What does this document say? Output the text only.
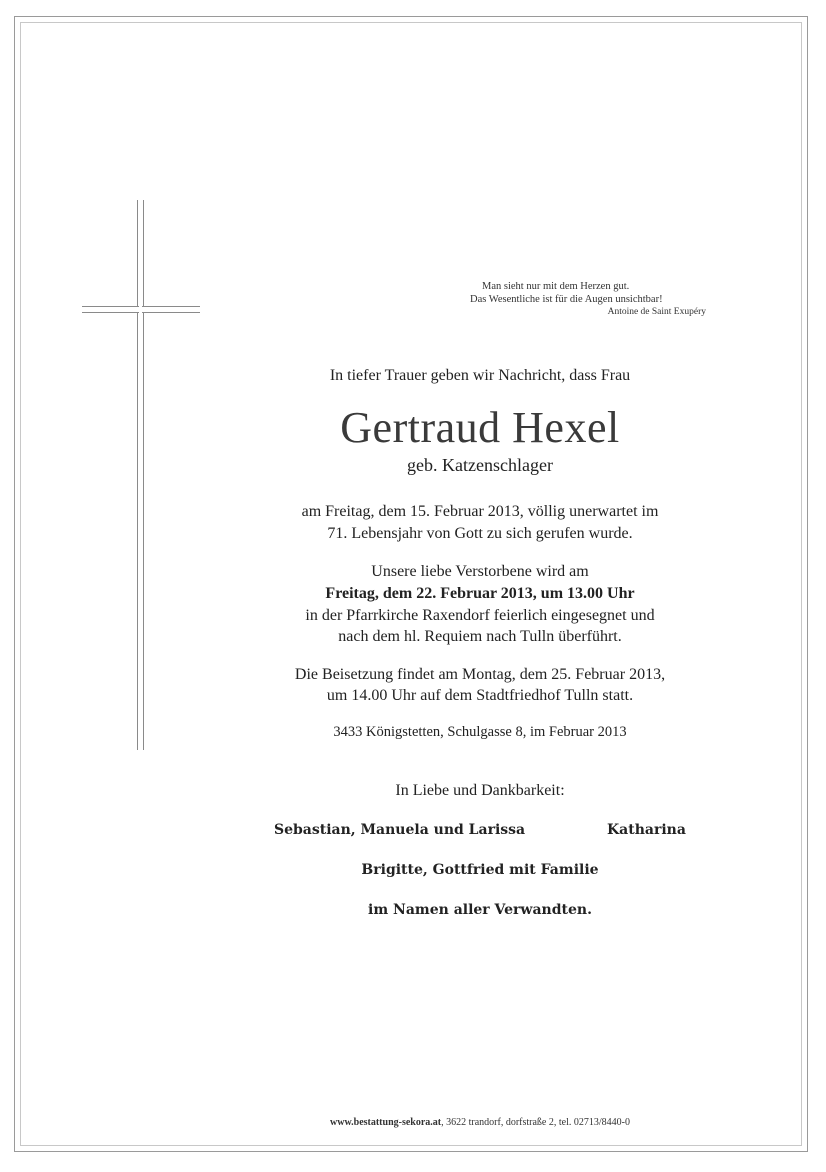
Man sieht nur mit dem Herzen gut.
Das Wesentliche ist für die Augen unsichtbar!
Antoine de Saint Exupéry
In tiefer Trauer geben wir Nachricht, dass Frau
Gertraud Hexel
geb. Katzenschlager
am Freitag, dem 15. Februar 2013, völlig unerwartet im
71. Lebensjahr von Gott zu sich gerufen wurde.
Unsere liebe Verstorbene wird am
Freitag, dem 22. Februar 2013, um 13.00 Uhr
in der Pfarrkirche Raxendorf feierlich eingesegnet und
nach dem hl. Requiem nach Tulln überführt.
Die Beisetzung findet am Montag, dem 25. Februar 2013,
um 14.00 Uhr auf dem Stadtfriedhof Tulln statt.
3433 Königstetten, Schulgasse 8, im Februar 2013
In Liebe und Dankbarkeit:
Sebastian, Manuela und Larissa	Katharina
Brigitte, Gottfried mit Familie
im Namen aller Verwandten.
www.bestattung-sekora.at, 3622 trandorf, dorfstraße 2, tel. 02713/8440-0
